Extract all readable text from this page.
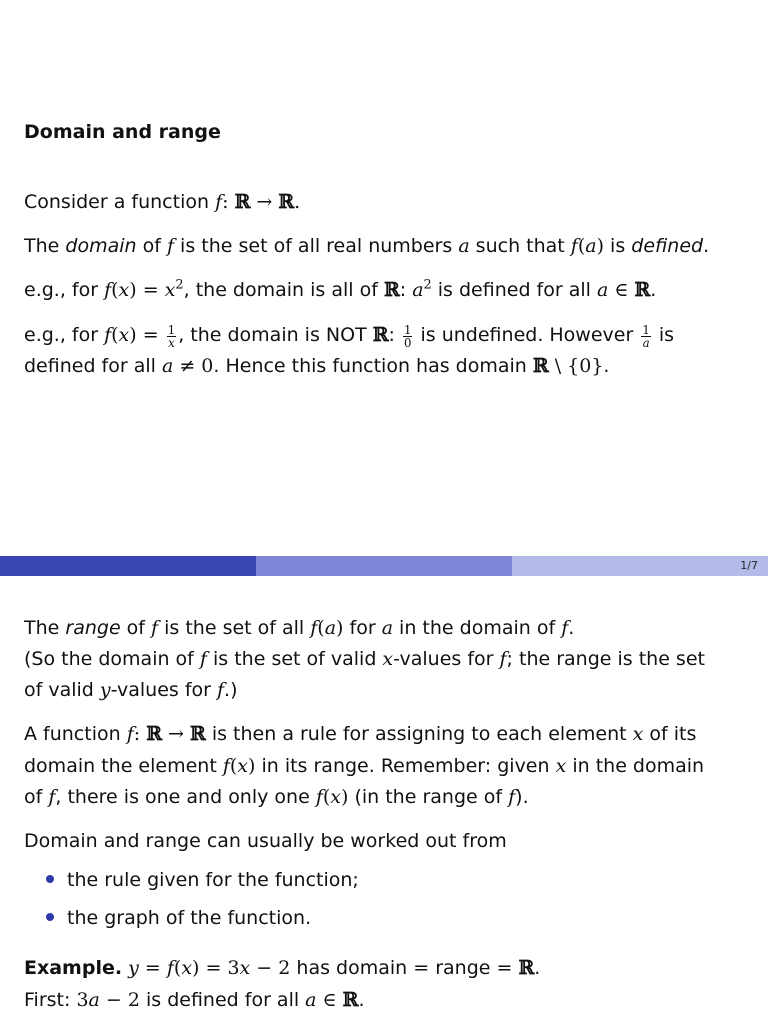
Domain and range
Consider a function f: ℝ → ℝ.
The domain of f is the set of all real numbers a such that f(a) is defined.
e.g., for $f(x) = x^2$, the domain is all of ℝ: $a^2$ is defined for all a ∈ ℝ.
e.g., for $f(x) = \frac{1}{x}$ , the domain is NOT ℝ: $\frac{1}{0}$ is undefined. However $\frac{1}{a}$ is
defined for all a ≠ 0. Hence this function has domain ℝ \ {0}.
1/7
The range of f is the set of all f(a) for a in the domain of f.
(So the domain of f is the set of valid x-values for f; the range is the set
of valid y-values for f.)
A function f: ℝ → ℝ is then a rule for assigning to each element x of its
domain the element f(x) in its range. Remember: given x in the domain
of f, there is one and only one f(x) (in the range of f).
Domain and range can usually be worked out from
the rule given for the function;
the graph of the function.
Example. y = f(x) = 3x − 2 has domain = range = ℝ.
First: 3a − 2 is defined for all a ∈ ℝ.
